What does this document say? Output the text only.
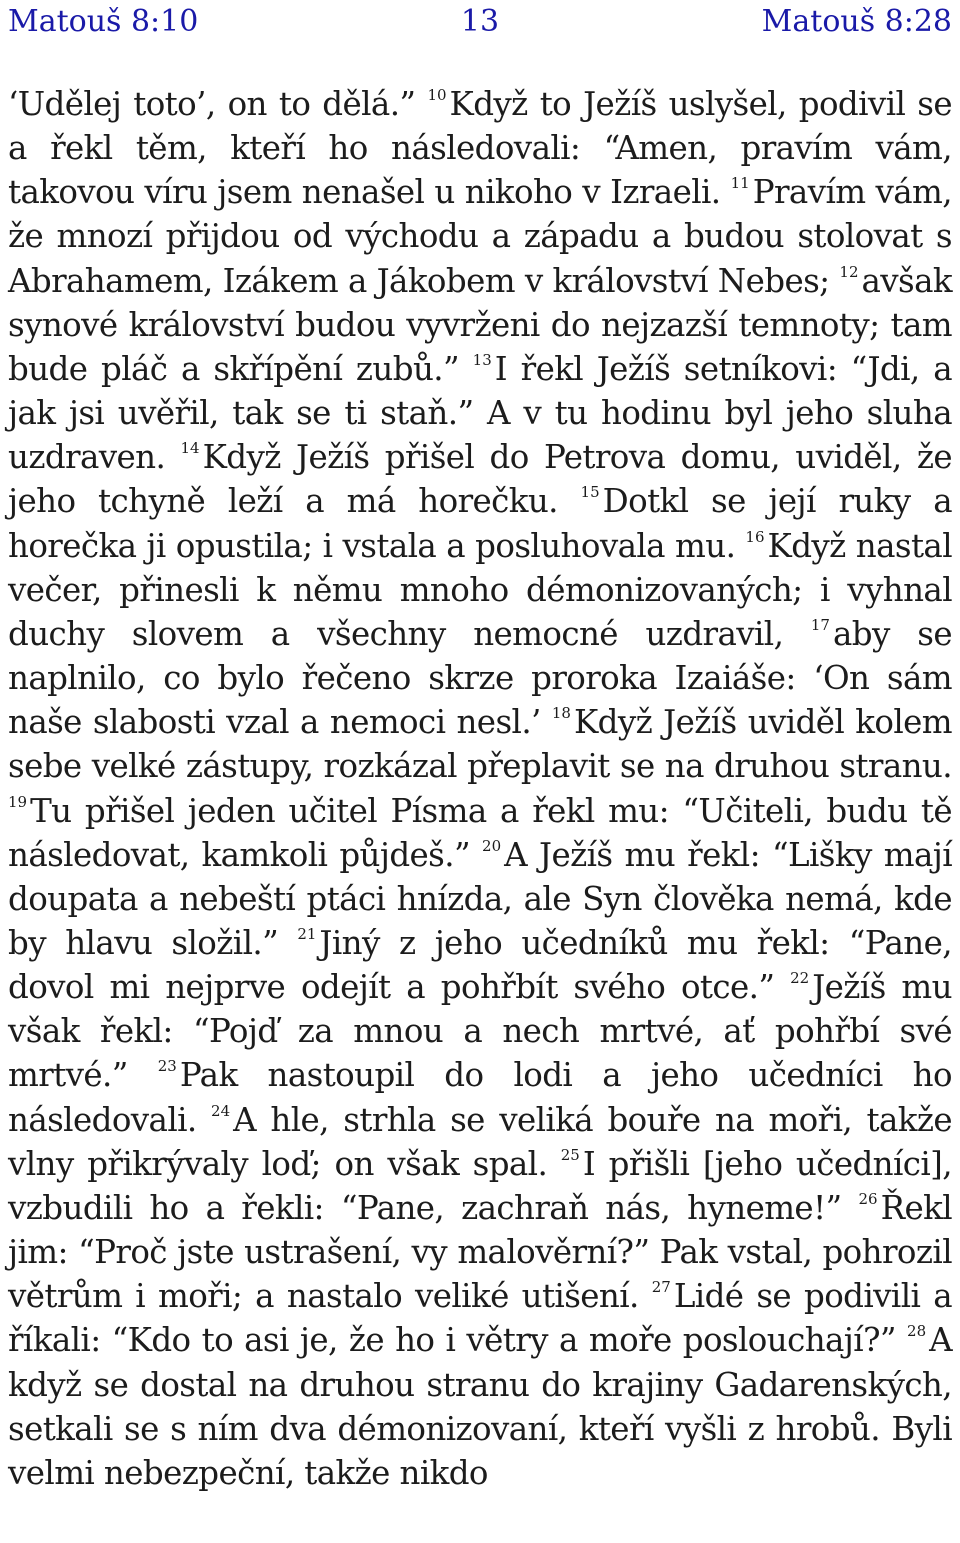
Matouš 8:10	13	Matouš 8:28

‘Udělej toto’, on to dělá.” $^{10}$Když to Ježíš uslyšel, podivil se a řekl těm, kteří ho následovali: “Amen, pravím vám, takovou víru jsem nenašel u nikoho v Izraeli. $^{11}$Pravím vám, že mnozí přijdou od východu a západu a budou stolovat s Abrahamem, Izákem a Jákobem v království Nebes; $^{12}$avšak synové království budou vyvrženi do nejzazší temnoty; tam bude pláč a skřípění zubů.” $^{13}$I řekl Ježíš setníkovi: “Jdi, a jak jsi uvěřil, tak se ti staň.” A v tu hodinu byl jeho sluha uzdraven. $^{14}$Když Ježíš přišel do Petrova domu, uviděl, že jeho tchyně leží a má horečku. $^{15}$Dotkl se její ruky a horečka ji opustila; i vstala a posluhovala mu. $^{16}$Když nastal večer, přinesli k němu mnoho démonizovaných; i vyhnal duchy slovem a všechny nemocné uzdravil, $^{17}$aby se naplnilo, co bylo řečeno skrze proroka Izaiáše: ‘On sám naše slabosti vzal a nemoci nesl.’ $^{18}$Když Ježíš uviděl kolem sebe velké zástupy, rozkázal přeplavit se na druhou stranu. $^{19}$Tu přišel jeden učitel Písma a řekl mu: “Učiteli, budu tě následovat, kamkoli půjdeš.” $^{20}$A Ježíš mu řekl: “Lišky mají doupata a nebeští ptáci hnízda, ale Syn člověka nemá, kde by hlavu složil.” $^{21}$Jiný z jeho učedníků mu řekl: “Pane, dovol mi nejprve odejít a pohřbít svého otce.” $^{22}$Ježíš mu však řekl: “Pojď za mnou a nech mrtvé, ať pohřbí své mrtvé.” $^{23}$Pak nastoupil do lodi a jeho učedníci ho následovali. $^{24}$A hle, strhla se veliká bouře na moři, takže vlny přikrývaly loď; on však spal. $^{25}$I přišli [jeho učedníci], vzbudili ho a řekli: “Pane, zachraň nás, hyneme!” $^{26}$Řekl jim: “Proč jste ustrašení, vy malověrní?” Pak vstal, pohrozil větrům i moři; a nastalo veliké utišení. $^{27}$Lidé se podivili a říkali: “Kdo to asi je, že ho i větry a moře poslouchají?” $^{28}$A když se dostal na druhou stranu do krajiny Gadarenských, setkali se s ním dva démonizovaní, kteří vyšli z hrobů. Byli velmi nebezpeční, takže nikdo
